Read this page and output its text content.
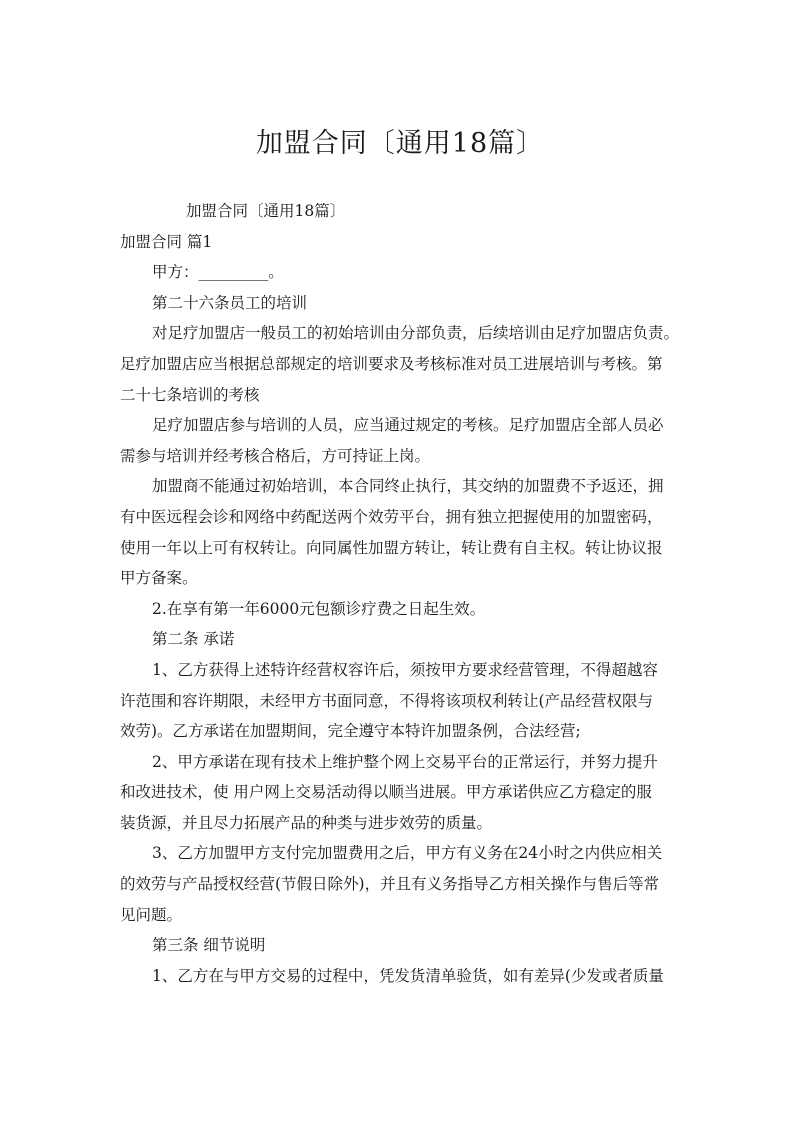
加盟合同〔通用18篇〕
加盟合同〔通用18篇〕
加盟合同 篇1
甲方：_________。
第二十六条员工的培训
对足疗加盟店一般员工的初始培训由分部负责，后续培训由足疗加盟店负责。
足疗加盟店应当根据总部规定的培训要求及考核标准对员工进展培训与考核。第
二十七条培训的考核
足疗加盟店参与培训的人员，应当通过规定的考核。足疗加盟店全部人员必
需参与培训并经考核合格后，方可持证上岗。
加盟商不能通过初始培训，本合同终止执行，其交纳的加盟费不予返还，拥
有中医远程会诊和网络中药配送两个效劳平台，拥有独立把握使用的加盟密码，
使用一年以上可有权转让。向同属性加盟方转让，转让费有自主权。转让协议报
甲方备案。
2.在享有第一年6000元包额诊疗费之日起生效。
第二条 承诺
1、乙方获得上述特许经营权容许后，须按甲方要求经营管理，不得超越容
许范围和容许期限，未经甲方书面同意，不得将该项权利转让(产品经营权限与
效劳)。乙方承诺在加盟期间，完全遵守本特许加盟条例，合法经营;
2、甲方承诺在现有技术上维护整个网上交易平台的正常运行，并努力提升
和改进技术，使 用户网上交易活动得以顺当进展。甲方承诺供应乙方稳定的服
装货源，并且尽力拓展产品的种类与进步效劳的质量。
3、乙方加盟甲方支付完加盟费用之后，甲方有义务在24小时之内供应相关
的效劳与产品授权经营(节假日除外)，并且有义务指导乙方相关操作与售后等常
见问题。
第三条 细节说明
1、乙方在与甲方交易的过程中，凭发货清单验货，如有差异(少发或者质量
